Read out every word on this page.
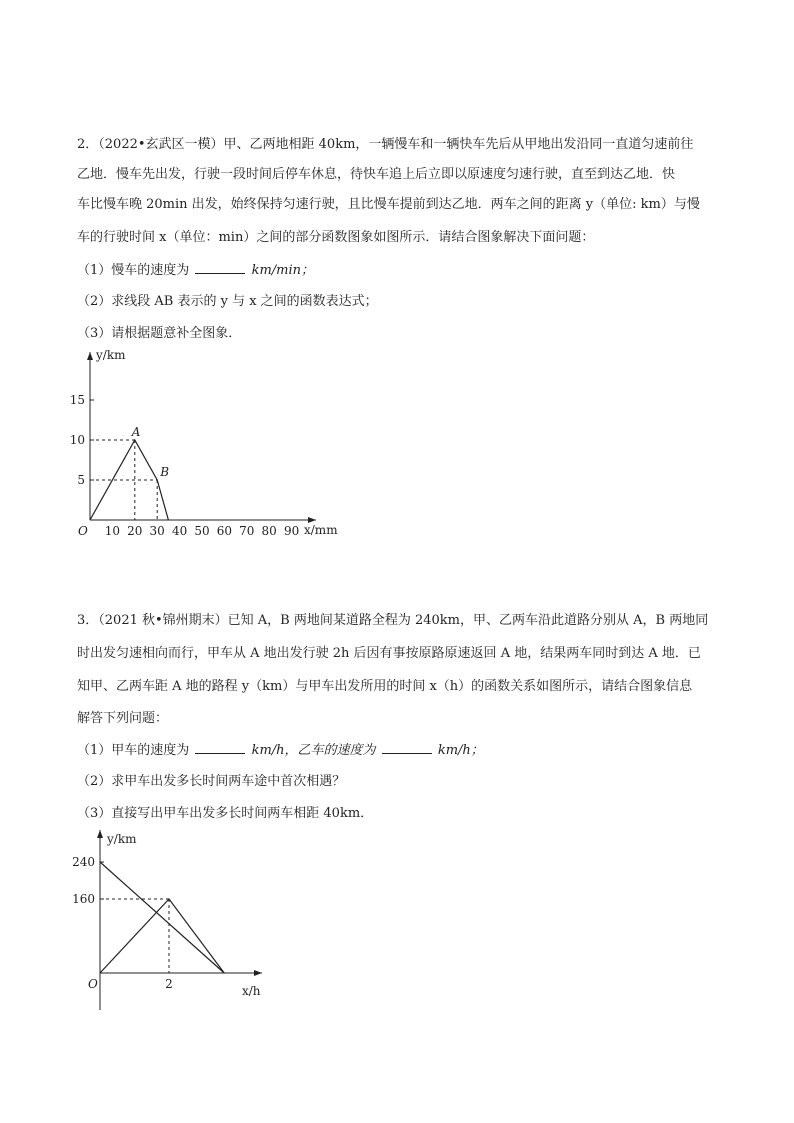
2．（2022•玄武区一模）甲、乙两地相距 40km，一辆慢车和一辆快车先后从甲地出发沿同一直道匀速前往
乙地．慢车先出发，行驶一段时间后停车休息，待快车追上后立即以原速度匀速行驶，直至到达乙地．快
车比慢车晚 20min 出发，始终保持匀速行驶，且比慢车提前到达乙地．两车之间的距离 y（单位: km）与慢
车的行驶时间 x（单位：min）之间的部分函数图象如图所示．请结合图象解决下面问题：
（1）慢车的速度为	km/min；
（2）求线段 AB 表示的 y 与 x 之间的函数表达式；
（3）请根据题意补全图象．
x/mm
y/km
O 10 20 30 40 50 60 70 80 90
5
10
15
A
B
3．（2021 秋•锦州期末）已知 A，B 两地间某道路全程为 240km，甲、乙两车沿此道路分别从 A，B 两地同
时出发匀速相向而行，甲车从 A 地出发行驶 2h 后因有事按原路原速返回 A 地，结果两车同时到达 A 地．已
知甲、乙两车距 A 地的路程 y（km）与甲车出发所用的时间 x（h）的函数关系如图所示，请结合图象信息
解答下列问题：
（1）甲车的速度为	km/h，乙车的速度为	km/h；
（2）求甲车出发多长时间两车途中首次相遇？
（3）直接写出甲车出发多长时间两车相距 40km．
x/h
y/km
O	2
160
240
